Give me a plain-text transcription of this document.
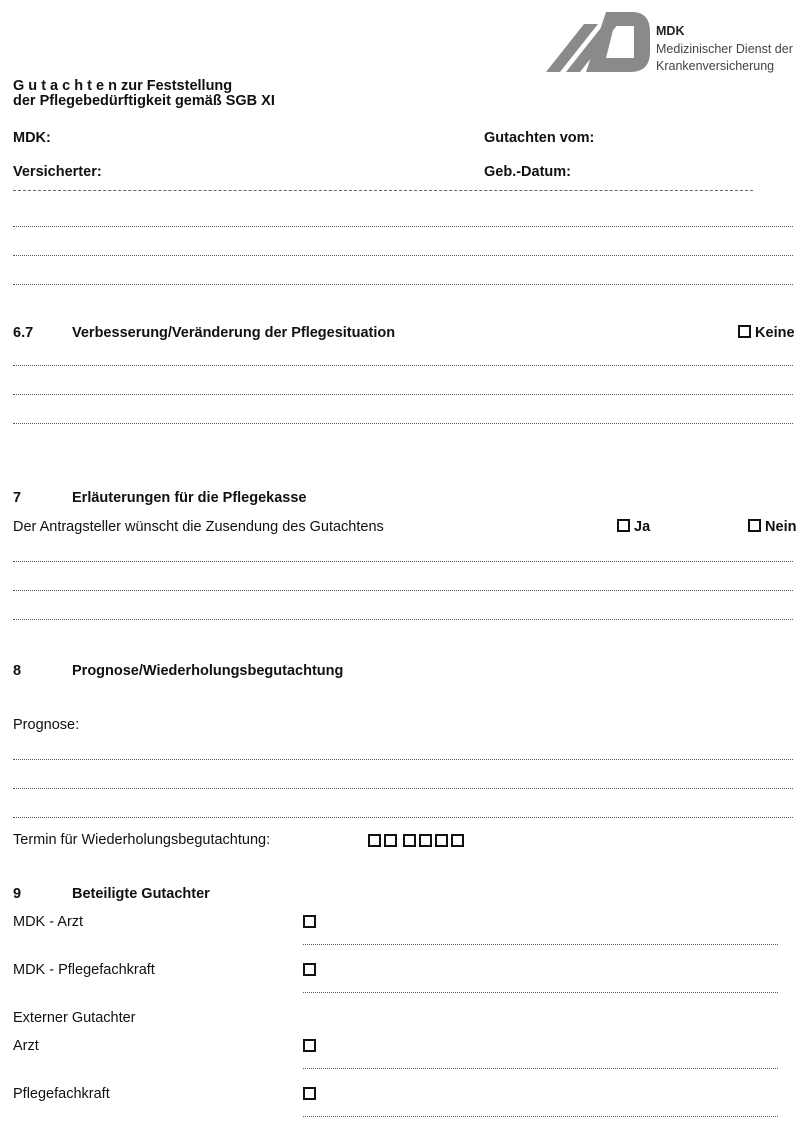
MDK
Medizinischer Dienst der
Krankenversicherung
G u t a c h t e n zur Feststellung
der Pflegebedürftigkeit gemäß SGB XI
MDK:	Gutachten vom:
Versicherter:	Geb.-Datum:
6.7	Verbesserung/Veränderung der Pflegesituation	Keine
7	Erläuterungen für die Pflegekasse
Der Antragsteller wünscht die Zusendung des Gutachtens	Ja	Nein
8	Prognose/Wiederholungsbegutachtung
Prognose:
Termin für Wiederholungsbegutachtung:
9	Beteiligte Gutachter
MDK - Arzt
MDK - Pflegefachkraft
Externer Gutachter
Arzt
Pflegefachkraft
